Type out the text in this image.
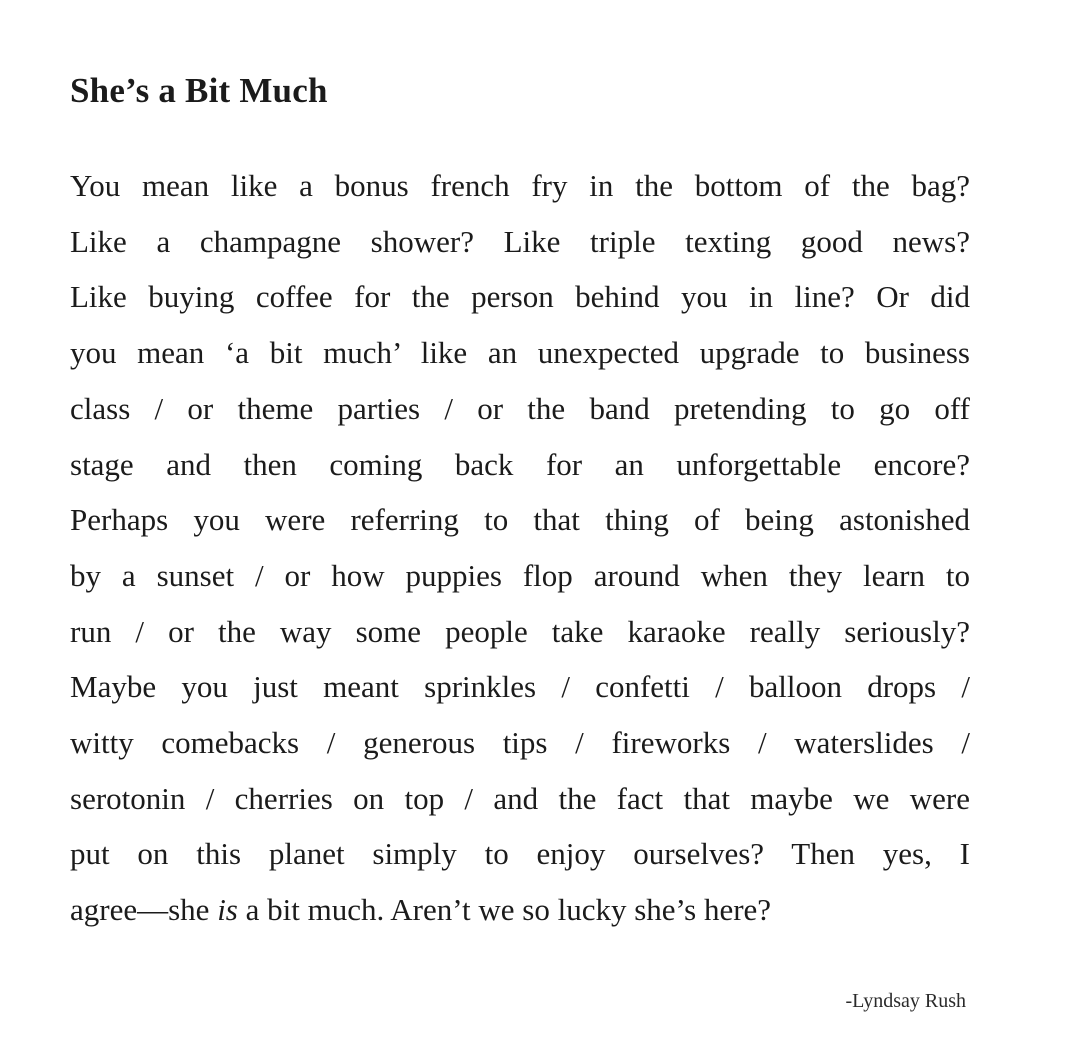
She’s a Bit Much
You mean like a bonus french fry in the bottom of the bag?
Like a champagne shower? Like triple texting good news?
Like buying coffee for the person behind you in line? Or did
you mean ‘a bit much’ like an unexpected upgrade to business
class / or theme parties / or the band pretending to go off
stage and then coming back for an unforgettable encore?
Perhaps you were referring to that thing of being astonished
by a sunset / or how puppies flop around when they learn to
run / or the way some people take karaoke really seriously?
Maybe you just meant sprinkles / confetti / balloon drops /
witty comebacks / generous tips / fireworks / waterslides /
serotonin / cherries on top / and the fact that maybe we were
put on this planet simply to enjoy ourselves? Then yes, I
agree—she is a bit much. Aren’t we so lucky she’s here?
-Lyndsay Rush
